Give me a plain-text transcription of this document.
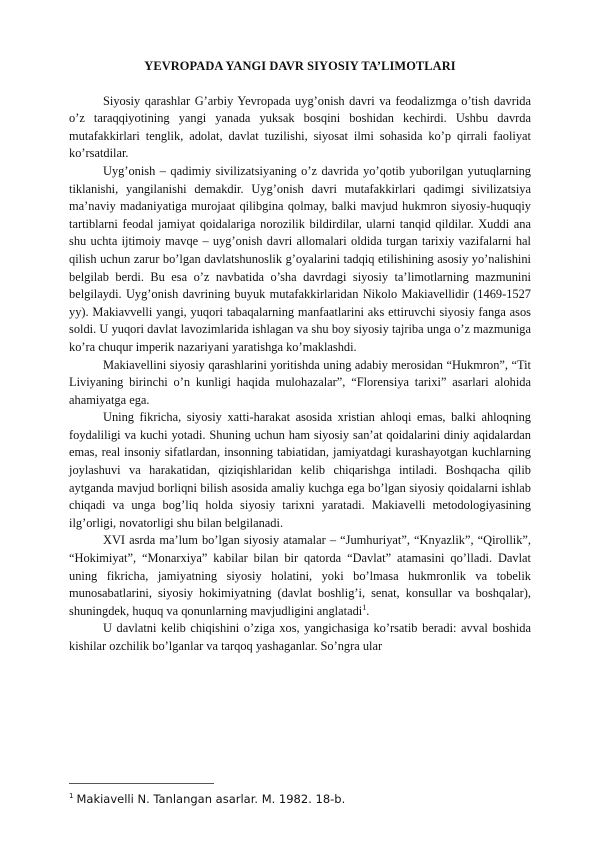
YEVROPADA YANGI DAVR SIYOSIY TA’LIMOTLARI

Siyosiy qarashlar G’arbiy Yevropada uyg’onish davri va feodalizmga o’tish davrida o’z taraqqiyotining yangi yanada yuksak bosqini boshidan kechirdi. Ushbu davrda mutafakkirlari tenglik, adolat, davlat tuzilishi, siyosat ilmi sohasida ko’p qirrali faoliyat ko’rsatdilar.

Uyg’onish – qadimiy sivilizatsiyaning o’z davrida yo’qotib yuborilgan yutuqlarning tiklanishi, yangilanishi demakdir. Uyg’onish davri mutafakkirlari qadimgi sivilizatsiya ma’naviy madaniyatiga murojaat qilibgina qolmay, balki mavjud hukmron siyosiy-huquqiy tartiblarni feodal jamiyat qoidalariga norozilik bildirdilar, ularni tanqid qildilar. Xuddi ana shu uchta ijtimoiy mavqe – uyg’onish davri allomalari oldida turgan tarixiy vazifalarni hal qilish uchun zarur bo’lgan davlatshunoslik g’oyalarini tadqiq etilishining asosiy yo’nalishini belgilab berdi. Bu esa o’z navbatida o’sha davrdagi siyosiy ta’limotlarning mazmunini belgilaydi. Uyg’onish davrining buyuk mutafakkirlaridan Nikolo Makiavellidir (1469-1527 yy). Makiavvelli yangi, yuqori tabaqalarning manfaatlarini aks ettiruvchi siyosiy fanga asos soldi. U yuqori davlat lavozimlarida ishlagan va shu boy siyosiy tajriba unga o’z mazmuniga ko’ra chuqur imperik nazariyani yaratishga ko’maklashdi.

Makiavellini siyosiy qarashlarini yoritishda uning adabiy merosidan “Hukmron”, “Tit Liviyaning birinchi o’n kunligi haqida mulohazalar”, “Florensiya tarixi” asarlari alohida ahamiyatga ega.

Uning fikricha, siyosiy xatti-harakat asosida xristian ahloqi emas, balki ahloqning foydaliligi va kuchi yotadi. Shuning uchun ham siyosiy san’at qoidalarini diniy aqidalardan emas, real insoniy sifatlardan, insonning tabiatidan, jamiyatdagi kurashayotgan kuchlarning joylashuvi va harakatidan, qiziqishlaridan kelib chiqarishga intiladi. Boshqacha qilib aytganda mavjud borliqni bilish asosida amaliy kuchga ega bo’lgan siyosiy qoidalarni ishlab chiqadi va unga bog’liq holda siyosiy tarixni yaratadi. Makiavelli metodologiyasining ilg’orligi, novatorligi shu bilan belgilanadi.

XVI asrda ma’lum bo’lgan siyosiy atamalar – “Jumhuriyat”, “Knyazlik”, “Qirollik”, “Hokimiyat”, “Monarxiya” kabilar bilan bir qatorda “Davlat” atamasini qo’lladi. Davlat uning fikricha, jamiyatning siyosiy holatini, yoki bo’lmasa hukmronlik va tobelik munosabatlarini, siyosiy hokimiyatning (davlat boshlig’i, senat, konsullar va boshqalar), shuningdek, huquq va qonunlarning mavjudligini anglatadi$^1$.

U davlatni kelib chiqishini o’ziga xos, yangichasiga ko’rsatib beradi: avval boshida kishilar ozchilik bo’lganlar va tarqoq yashaganlar. So’ngra ular

$^1$ Makiavelli N. Tanlangan asarlar. M. 1982. 18-b.
